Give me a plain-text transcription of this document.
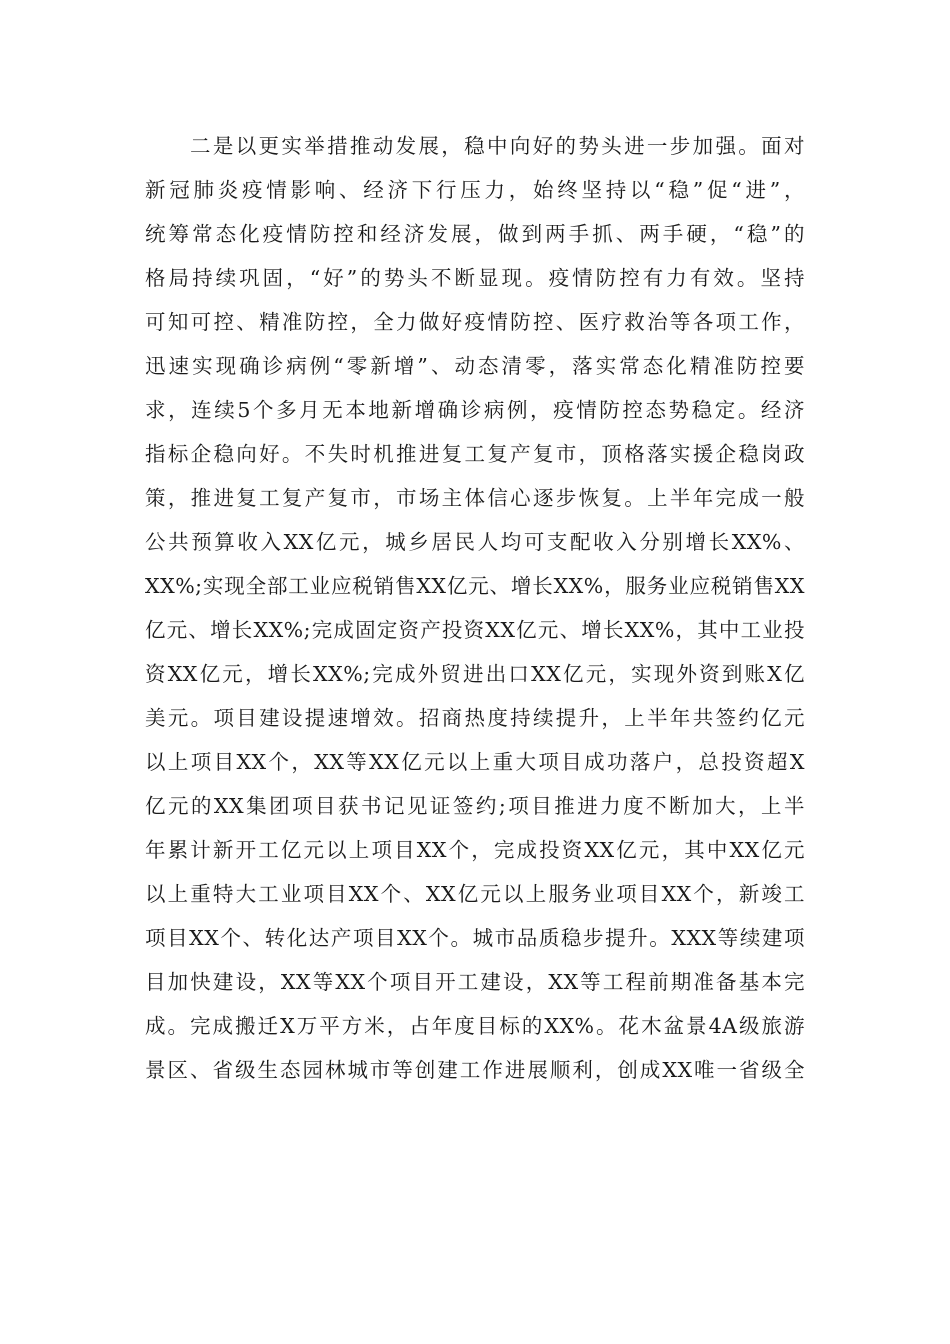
二是以更实举措推动发展，稳中向好的势头进一步加强。面对
新冠肺炎疫情影响、经济下行压力，始终坚持以“稳”促“进”，
统筹常态化疫情防控和经济发展，做到两手抓、两手硬，“稳”的
格局持续巩固，“好”的势头不断显现。疫情防控有力有效。坚持
可知可控、精准防控，全力做好疫情防控、医疗救治等各项工作，
迅速实现确诊病例“零新增”、动态清零，落实常态化精准防控要
求，连续5个多月无本地新增确诊病例，疫情防控态势稳定。经济
指标企稳向好。不失时机推进复工复产复市，顶格落实援企稳岗政
策，推进复工复产复市，市场主体信心逐步恢复。上半年完成一般
公共预算收入XX亿元，城乡居民人均可支配收入分别增长XX%、
XX%;实现全部工业应税销售XX亿元、增长XX%，服务业应税销售XX
亿元、增长XX%;完成固定资产投资XX亿元、增长XX%，其中工业投
资XX亿元，增长XX%;完成外贸进出口XX亿元，实现外资到账X亿
美元。项目建设提速增效。招商热度持续提升，上半年共签约亿元
以上项目XX个，XX等XX亿元以上重大项目成功落户，总投资超X
亿元的XX集团项目获书记见证签约;项目推进力度不断加大，上半
年累计新开工亿元以上项目XX个，完成投资XX亿元，其中XX亿元
以上重特大工业项目XX个、XX亿元以上服务业项目XX个，新竣工
项目XX个、转化达产项目XX个。城市品质稳步提升。XXX等续建项
目加快建设，XX等XX个项目开工建设，XX等工程前期准备基本完
成。完成搬迁X万平方米，占年度目标的XX%。花木盆景4A级旅游
景区、省级生态园林城市等创建工作进展顺利，创成XX唯一省级全
